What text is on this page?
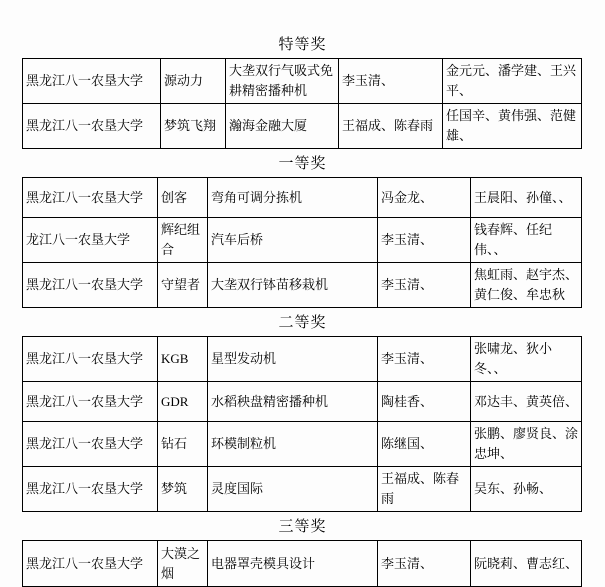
特等奖
黑龙江八一农垦大学	源动力	大垄双行气吸式免耕精密播种机	李玉清、	金元元、潘学建、王兴平、
黑龙江八一农垦大学	梦筑飞翔	瀚海金融大厦	王福成、陈春雨	任国辛、黄伟强、范健雄、
一等奖
黑龙江八一农垦大学	创客	弯角可调分拣机	冯金龙、	王晨阳、孙僮、、
龙江八一农垦大学	辉纪组合	汽车后桥	李玉清、	钱春辉、任纪伟、、
黑龙江八一农垦大学	守望者	大垄双行钵苗移栽机	李玉清、	焦虹雨、赵宇杰、黄仁俊、牟忠秋
二等奖
黑龙江八一农垦大学	KGB	星型发动机	李玉清、	张啸龙、狄小冬、、
黑龙江八一农垦大学	GDR	水稻秧盘精密播种机	陶桂香、	邓达丰、黄英倍、
黑龙江八一农垦大学	钻石	环模制粒机	陈继国、	张鹏、廖贤良、涂忠坤、
黑龙江八一农垦大学	梦筑	灵度国际	王福成、陈春雨	吴东、孙畅、
三等奖
黑龙江八一农垦大学	大漠之烟	电器罩壳模具设计	李玉清、	阮晓莉、曹志红、
